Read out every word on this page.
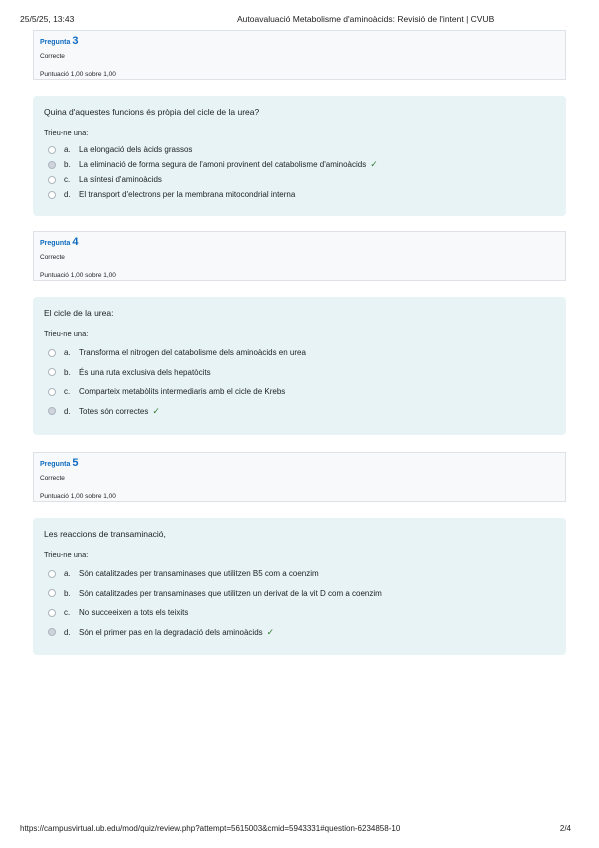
25/5/25, 13:43	Autoavaluació Metabolisme d'aminoàcids: Revisió de l'intent | CVUB
Pregunta 3
Correcte
Puntuació 1,00 sobre 1,00
Quina d'aquestes funcions és pròpia del cicle de la urea?
Trieu-ne una:
a.	La elongació dels àcids grassos
b.	La eliminació de forma segura de l'amoni provinent del catabolisme d'aminoàcids ✓
c.	La síntesi d'aminoàcids
d.	El transport d'electrons per la membrana mitocondrial interna
Pregunta 4
Correcte
Puntuació 1,00 sobre 1,00
El cicle de la urea:
Trieu-ne una:
a.	Transforma el nitrogen del catabolisme dels aminoàcids en urea
b.	És una ruta exclusiva dels hepatòcits
c.	Comparteix metabòlits intermediaris amb el cicle de Krebs
d.	Totes són correctes ✓
Pregunta 5
Correcte
Puntuació 1,00 sobre 1,00
Les reaccions de transaminació,
Trieu-ne una:
a.	Són catalitzades per transaminases que utilitzen B5 com a coenzim
b.	Són catalitzades per transaminases que utilitzen un derivat de la vit D com a coenzim
c.	No succeeixen a tots els teixits
d.	Són el primer pas en la degradació dels aminoàcids ✓
https://campusvirtual.ub.edu/mod/quiz/review.php?attempt=5615003&cmid=5943331#question-6234858-10	2/4
